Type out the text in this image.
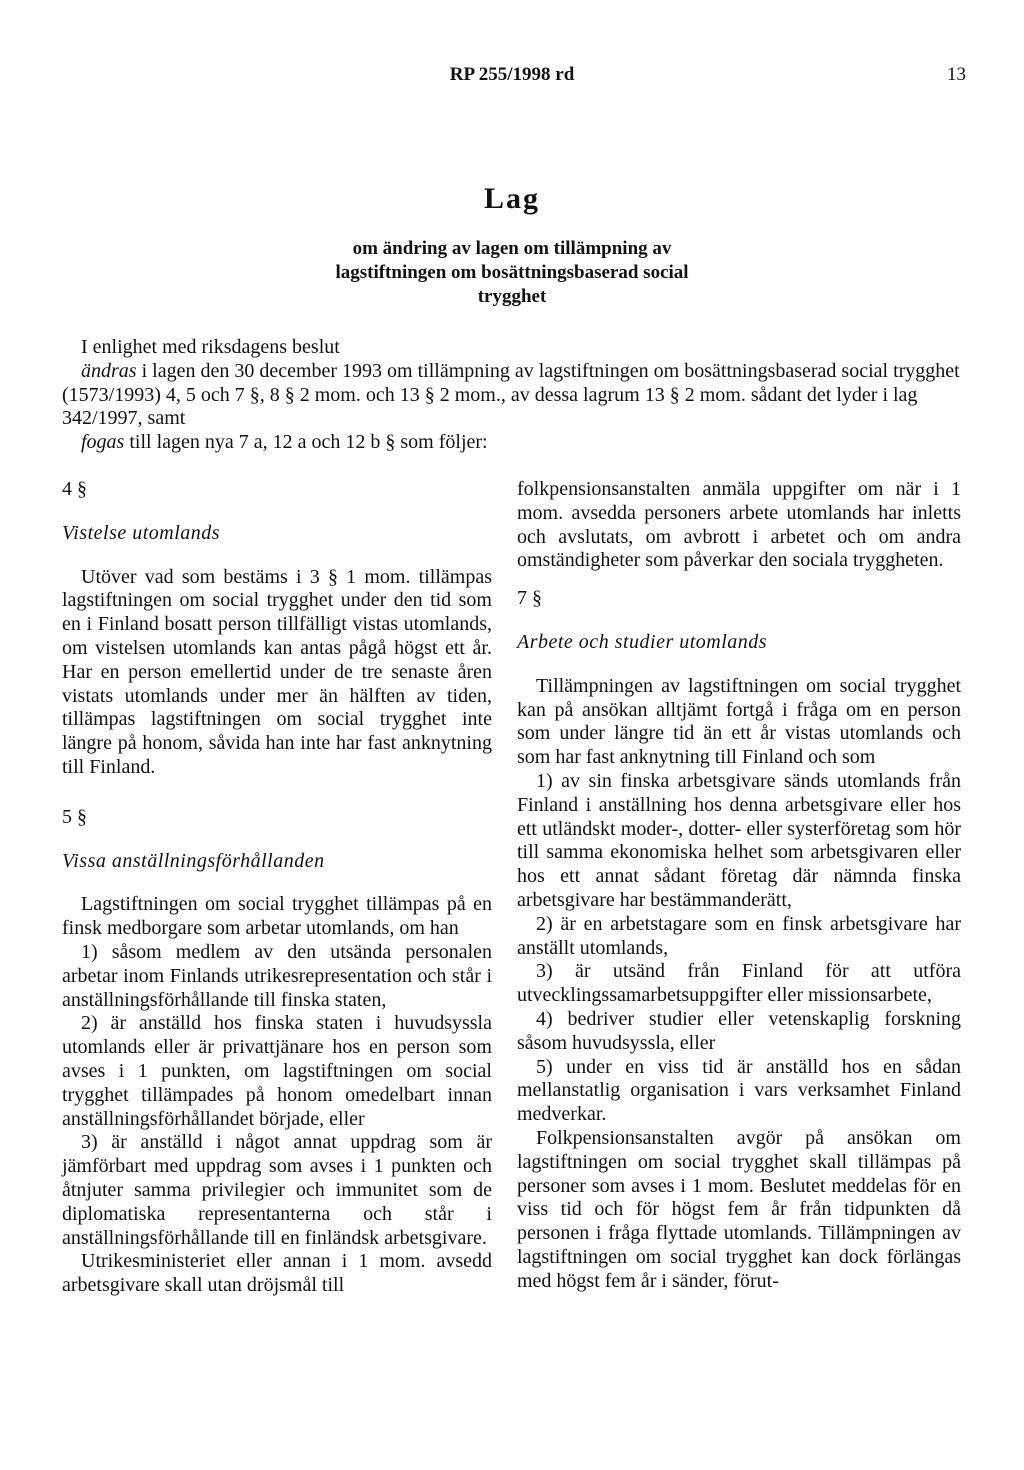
RP 255/1998 rd	13
Lag
om ändring av lagen om tillämpning av lagstiftningen om bosättningsbaserad social trygghet

I enlighet med riksdagens beslut

ändras i lagen den 30 december 1993 om tillämpning av lagstiftningen om bosättningsbaserad social trygghet (1573/1993) 4, 5 och 7 §, 8 § 2 mom. och 13 § 2 mom., av dessa lagrum 13 § 2 mom. sådant det lyder i lag 342/1997, samt

fogas till lagen nya 7 a, 12 a och 12 b § som följer:

4 §

Vistelse utomlands

Utöver vad som bestäms i 3 § 1 mom. tillämpas lagstiftningen om social trygghet under den tid som en i Finland bosatt person tillfälligt vistas utomlands, om vistelsen utomlands kan antas pågå högst ett år. Har en person emellertid under de tre senaste åren vistats utomlands under mer än hälften av tiden, tillämpas lagstiftningen om social trygghet inte längre på honom, såvida han inte har fast anknytning till Finland.

5 §

Vissa anställningsförhållanden

Lagstiftningen om social trygghet tillämpas på en finsk medborgare som arbetar utomlands, om han

1) såsom medlem av den utsända personalen arbetar inom Finlands utrikesrepresentation och står i anställningsförhållande till finska staten,

2) är anställd hos finska staten i huvudsyssla utomlands eller är privattjänare hos en person som avses i 1 punkten, om lagstiftningen om social trygghet tillämpades på honom omedelbart innan anställningsförhållandet började, eller

3) är anställd i något annat uppdrag som är jämförbart med uppdrag som avses i 1 punkten och åtnjuter samma privilegier och immunitet som de diplomatiska representanterna och står i anställningsförhållande till en finländsk arbetsgivare.

Utrikesministeriet eller annan i 1 mom. avsedd arbetsgivare skall utan dröjsmål till

folkpensionsanstalten anmäla uppgifter om när i 1 mom. avsedda personers arbete utomlands har inletts och avslutats, om avbrott i arbetet och om andra omständigheter som påverkar den sociala tryggheten.

7 §

Arbete och studier utomlands

Tillämpningen av lagstiftningen om social trygghet kan på ansökan alltjämt fortgå i fråga om en person som under längre tid än ett år vistas utomlands och som har fast anknytning till Finland och som

1) av sin finska arbetsgivare sänds utomlands från Finland i anställning hos denna arbetsgivare eller hos ett utländskt moder-, dotter- eller systerföretag som hör till samma ekonomiska helhet som arbetsgivaren eller hos ett annat sådant företag där nämnda finska arbetsgivare har bestämmanderätt,

2) är en arbetstagare som en finsk arbetsgivare har anställt utomlands,

3) är utsänd från Finland för att utföra utvecklingssamarbetsuppgifter eller missionsarbete,

4) bedriver studier eller vetenskaplig forskning såsom huvudsyssla, eller

5) under en viss tid är anställd hos en sådan mellanstatlig organisation i vars verksamhet Finland medverkar.

Folkpensionsanstalten avgör på ansökan om lagstiftningen om social trygghet skall tillämpas på personer som avses i 1 mom. Beslutet meddelas för en viss tid och för högst fem år från tidpunkten då personen i fråga flyttade utomlands. Tillämpningen av lagstiftningen om social trygghet kan dock förlängas med högst fem år i sänder, förut-
